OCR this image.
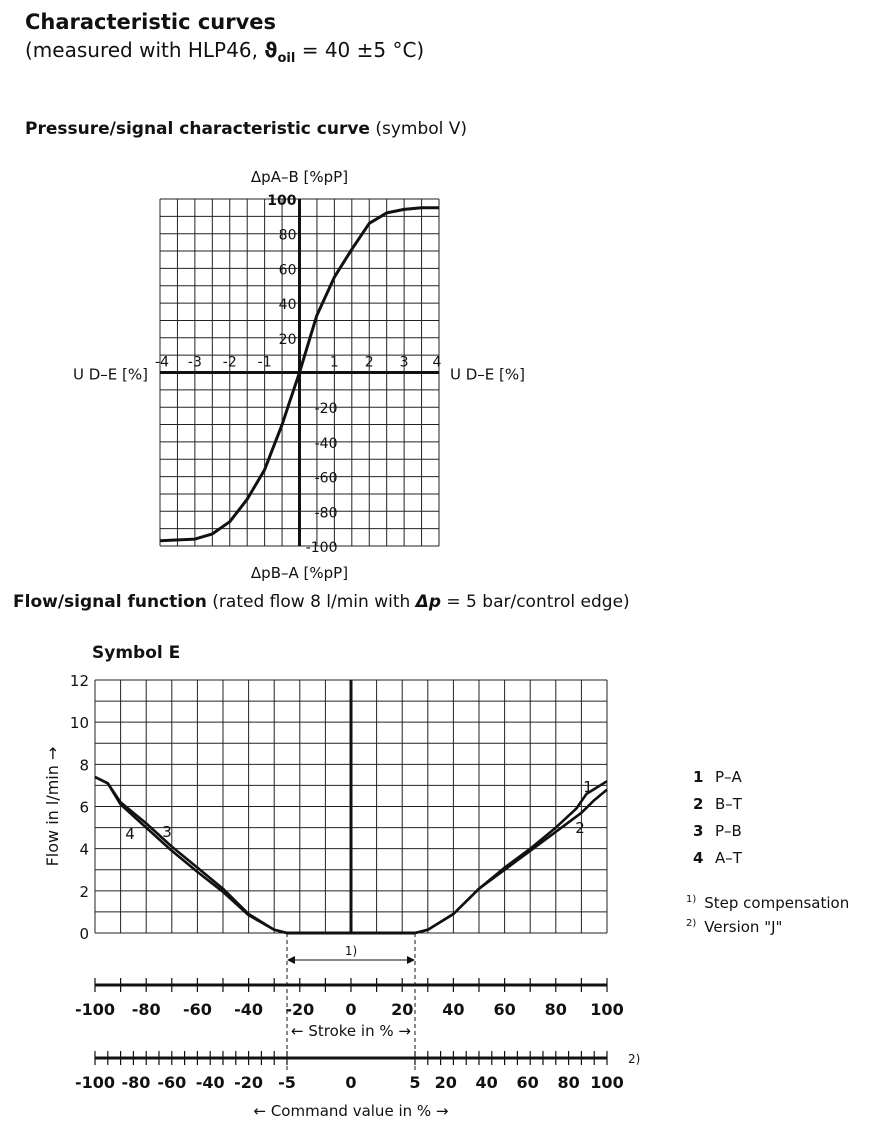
Characteristic curves
(measured with HLP46, $ϑ_{oil} = 40 \pm 5$ °C)
Pressure/signal characteristic curve (symbol V)
Flow/signal function (rated flow 8 l/min with Δp = 5 bar/control edge)
Symbol E
-4 -3 -2 -1	1 2 3 4
100
80
60
40
20
-20
-40
-60
-80
-100
U D–E [%]	U D–E [%]
ΔpA–B [%pP]
ΔpB–A [%pP]
0
2
4
6
8
10
12
Flow in l/min →	1
2
3
4
1)
-100 -80 -60 -40 -20 0 20 40 60 80 100
← Stroke in % →
-100 -80 -60 -40 -20 -5	0	5 20 40 60 80 100
← Command value in % →
2)
1 P–A
2 B–T
3 P–B
4 A–T
$^{1)}$ Step compensation
$^{2)}$ Version "J"
